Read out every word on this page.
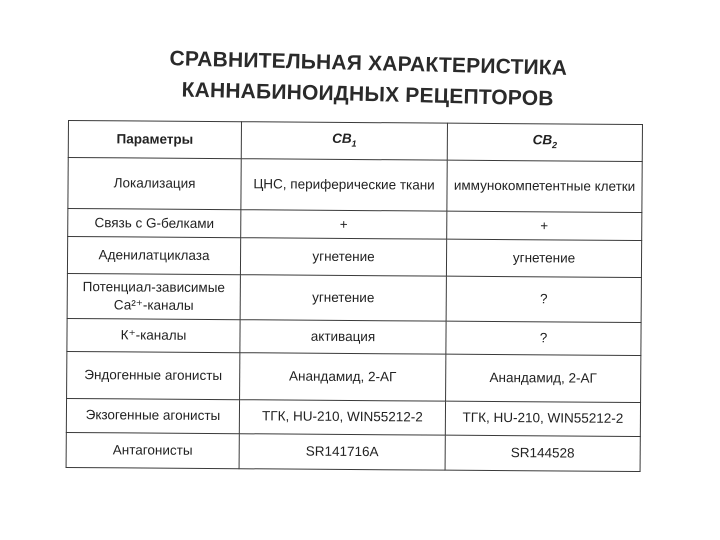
СРАВНИТЕЛЬНАЯ ХАРАКТЕРИСТИКА
КАННАБИНОИДНЫХ РЕЦЕПТОРОВ
Параметры	$CB_1$	$CB_2$
Локализация	ЦНС, периферические ткани	иммунокомпетентные клетки
Связь с G-белками	+	+
Аденилатциклаза	угнетение	угнетение
Потенциал-зависимые Са²⁺-каналы	угнетение	?
К⁺-каналы	активация	?
Эндогенные агонисты	Анандамид, 2-АГ	Анандамид, 2-АГ
Экзогенные агонисты	ТГК, HU-210, WIN55212-2	ТГК, HU-210, WIN55212-2
Антагонисты	SR141716A	SR144528
